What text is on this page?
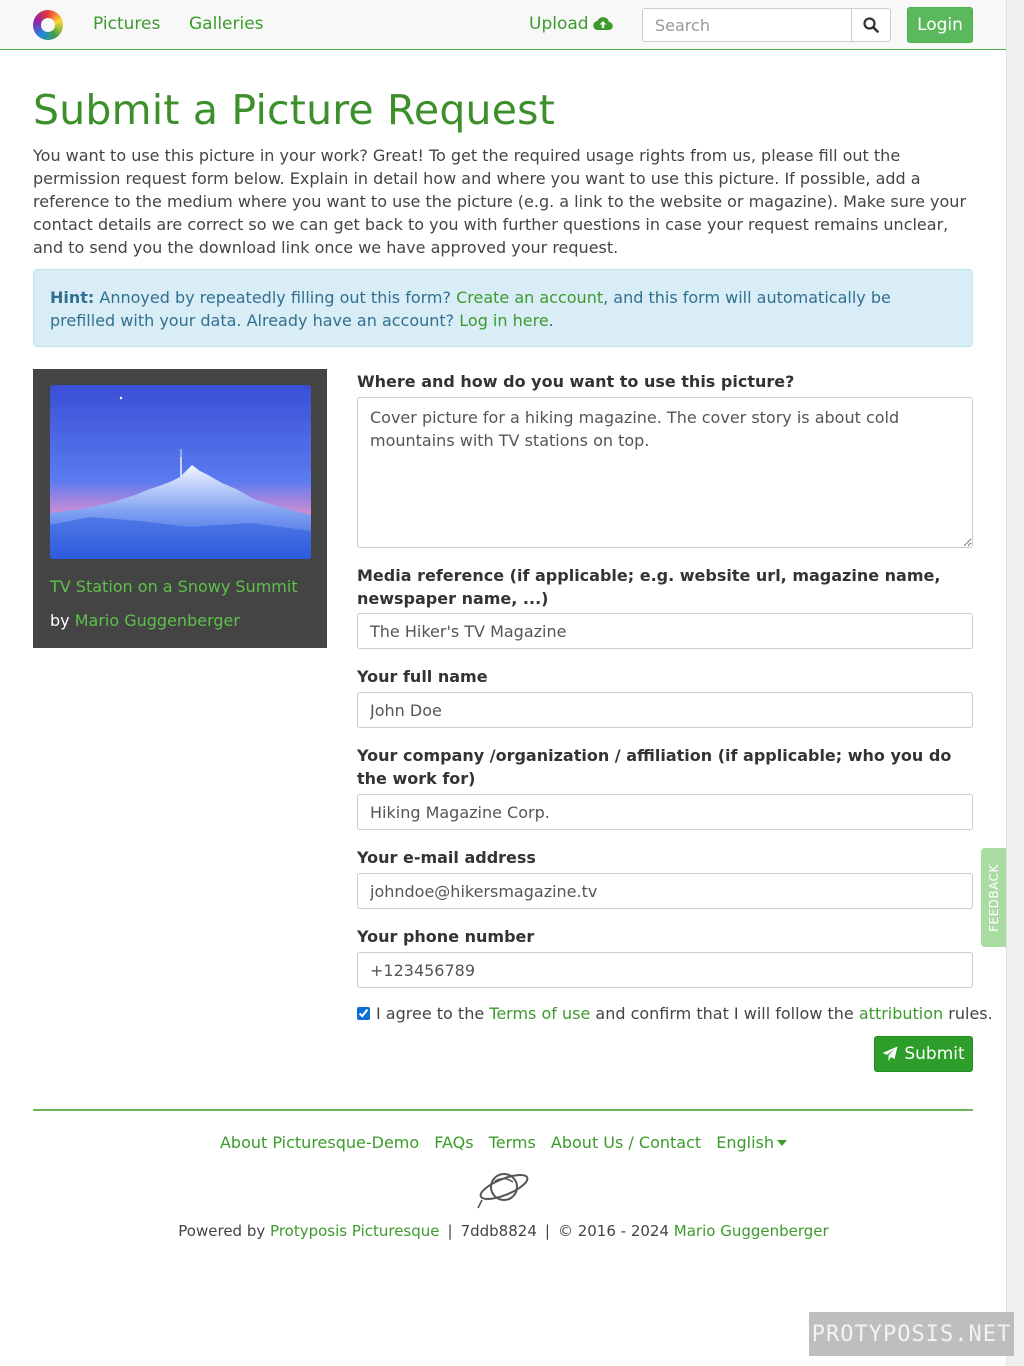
Pictures Galleries	Upload
Search	Login
Submit a Picture Request

You want to use this picture in your work? Great! To get the required usage rights from us, please fill out the permission request form below. Explain in detail how and where you want to use this picture. If possible, add a reference to the medium where you want to use the picture (e.g. a link to the website or magazine). Make sure your contact details are correct so we can get back to you with further questions in case your request remains unclear, and to send you the download link once we have approved your request.

Hint: Annoyed by repeatedly filling out this form? Create an account, and this form will automatically be prefilled with your data. Already have an account? Log in here.
TV Station on a Snowy Summit
by Mario Guggenberger
Where and how do you want to use this picture?
Cover picture for a hiking magazine. The cover story is about cold mountains with TV stations on top.
Media reference (if applicable; e.g. website url, magazine name, newspaper name, ...)
The Hiker's TV Magazine
Your full name
John Doe
Your company /organization / affiliation (if applicable; who you do the work for)
Hiking Magazine Corp.
Your e-mail address
johndoe@hikersmagazine.tv
Your phone number
+123456789
I agree to the Terms of use and confirm that I will follow the attribution rules.
Submit
About Picturesque-Demo FAQs Terms About Us / Contact English
Powered by Protyposis Picturesque | 7ddb8824 | © 2016 - 2024 Mario Guggenberger
FEEDBACK
PROTYPOSIS.NET
